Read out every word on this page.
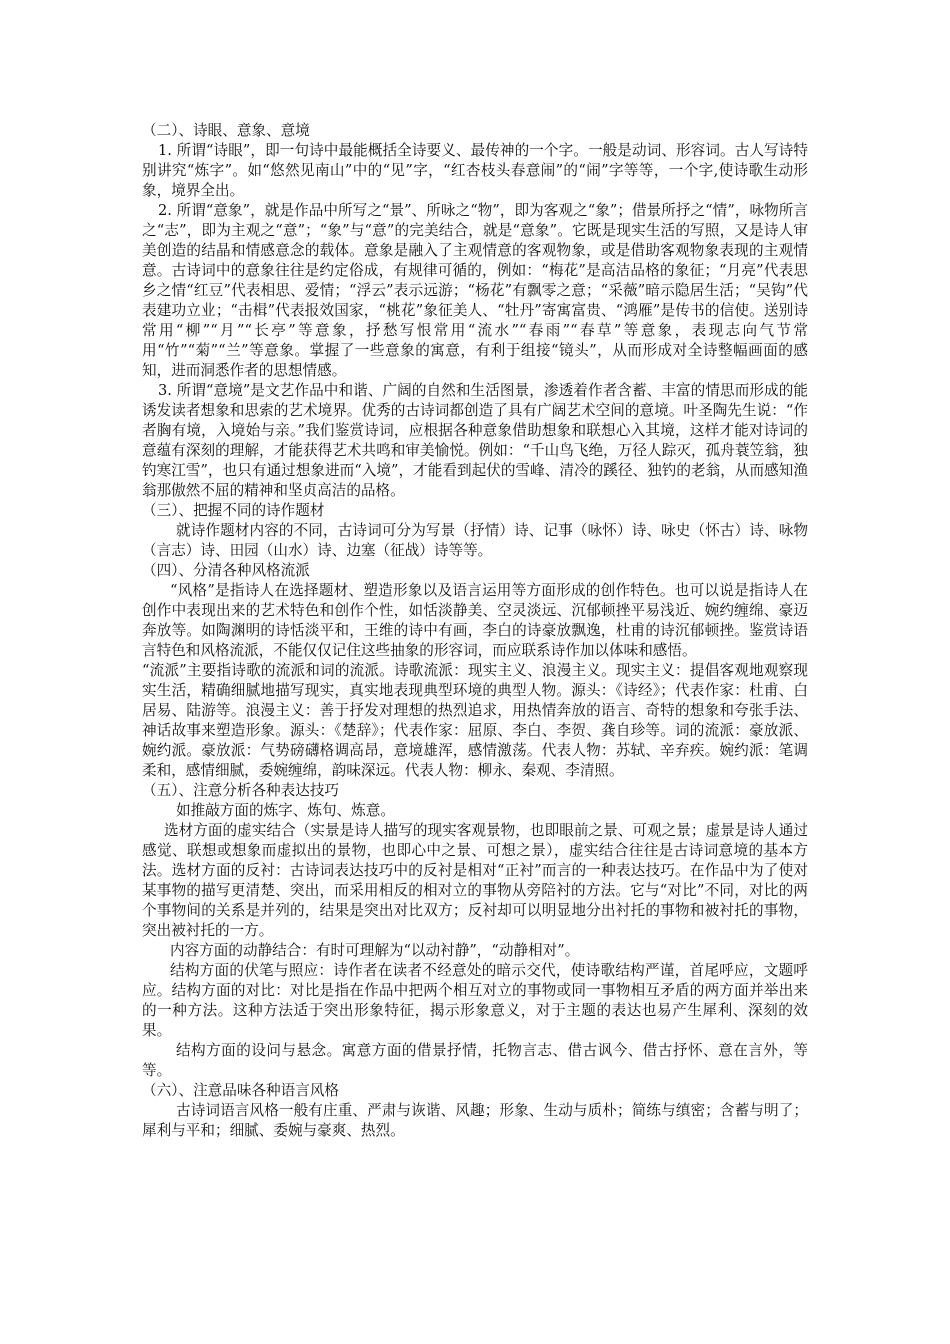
（二）、诗眼、意象、意境

1. 所谓“诗眼”，即一句诗中最能概括全诗要义、最传神的一个字。一般是动词、形容词。古人写诗特别讲究“炼字”。如“悠然见南山”中的“见”字，“红杏枝头春意闹”的“闹”字等等，一个字,使诗歌生动形象，境界全出。

2. 所谓“意象”，就是作品中所写之“景”、所咏之“物”，即为客观之“象”；借景所抒之“情”，咏物所言之“志”，即为主观之“意”；“象”与“意”的完美结合，就是“意象”。它既是现实生活的写照，又是诗人审美创造的结晶和情感意念的载体。意象是融入了主观情意的客观物象，或是借助客观物象表现的主观情意。古诗词中的意象往往是约定俗成，有规律可循的，例如：“梅花”是高洁品格的象征；“月亮”代表思乡之情“红豆”代表相思、爱情；“浮云”表示远游；“杨花”有飘零之意；“采薇”暗示隐居生活；“吴钩”代表建功立业；“击楫”代表报效国家，“桃花”象征美人、“牡丹”寄寓富贵、“鸿雁”是传书的信使。送别诗常用“柳”“月”“长亭”等意象，抒愁写恨常用“流水”“春雨”“春草”等意象，表现志向气节常用“竹”“菊”“兰”等意象。掌握了一些意象的寓意，有利于组接“镜头”，从而形成对全诗整幅画面的感知，进而洞悉作者的思想情感。

3. 所谓“意境”是文艺作品中和谐、广阔的自然和生活图景，渗透着作者含蓄、丰富的情思而形成的能诱发读者想象和思索的艺术境界。优秀的古诗词都创造了具有广阔艺术空间的意境。叶圣陶先生说：“作者胸有境，入境始与亲。”我们鉴赏诗词，应根据各种意象借助想象和联想心入其境，这样才能对诗词的意蕴有深刻的理解，才能获得艺术共鸣和审美愉悦。例如：“千山鸟飞绝，万径人踪灭，孤舟蓑笠翁，独钓寒江雪”，也只有通过想象进而“入境”，才能看到起伏的雪峰、清冷的蹊径、独钓的老翁，从而感知渔翁那傲然不屈的精神和坚贞高洁的品格。

（三）、把握不同的诗作题材

就诗作题材内容的不同，古诗词可分为写景（抒情）诗、记事（咏怀）诗、咏史（怀古）诗、咏物（言志）诗、田园（山水）诗、边塞（征战）诗等等。

（四）、分清各种风格流派

“风格”是指诗人在选择题材、塑造形象以及语言运用等方面形成的创作特色。也可以说是指诗人在创作中表现出来的艺术特色和创作个性，如恬淡静美、空灵淡远、沉郁顿挫平易浅近、婉约缠绵、豪迈奔放等。如陶渊明的诗恬淡平和，王维的诗中有画，李白的诗豪放飘逸，杜甫的诗沉郁顿挫。鉴赏诗语言特色和风格流派，不能仅仅记住这些抽象的形容词，而应联系诗作加以体味和感悟。

“流派”主要指诗歌的流派和词的流派。诗歌流派：现实主义、浪漫主义。现实主义：提倡客观地观察现实生活，精确细腻地描写现实，真实地表现典型环境的典型人物。源头：《诗经》；代表作家：杜甫、白居易、陆游等。浪漫主义：善于抒发对理想的热烈追求，用热情奔放的语言、奇特的想象和夸张手法、神话故事来塑造形象。源头：《楚辞》；代表作家：屈原、李白、李贺、龚自珍等。词的流派：豪放派、婉约派。豪放派：气势磅礴格调高昂，意境雄浑，感情激荡。代表人物：苏轼、辛弃疾。婉约派：笔调柔和，感情细腻，委婉缠绵，韵味深远。代表人物：柳永、秦观、李清照。

（五）、注意分析各种表达技巧

如推敲方面的炼字、炼句、炼意。

选材方面的虚实结合（实景是诗人描写的现实客观景物，也即眼前之景、可观之景；虚景是诗人通过感觉、联想或想象而虚拟出的景物，也即心中之景、可想之景），虚实结合往往是古诗词意境的基本方法。选材方面的反衬：古诗词表达技巧中的反衬是相对“正衬”而言的一种表达技巧。在作品中为了使对某事物的描写更清楚、突出，而采用相反的相对立的事物从旁陪衬的方法。它与“对比”不同，对比的两个事物间的关系是并列的，结果是突出对比双方；反衬却可以明显地分出衬托的事物和被衬托的事物，突出被衬托的一方。

内容方面的动静结合：有时可理解为“以动衬静”，“动静相对”。

结构方面的伏笔与照应：诗作者在读者不经意处的暗示交代，使诗歌结构严谨，首尾呼应，文题呼应。结构方面的对比：对比是指在作品中把两个相互对立的事物或同一事物相互矛盾的两方面并举出来的一种方法。这种方法适于突出形象特征，揭示形象意义，对于主题的表达也易产生犀利、深刻的效果。

结构方面的设问与悬念。寓意方面的借景抒情，托物言志、借古讽今、借古抒怀、意在言外，等等。

（六）、注意品味各种语言风格

古诗词语言风格一般有庄重、严肃与诙谐、风趣；形象、生动与质朴；简练与缜密；含蓄与明了；犀利与平和；细腻、委婉与豪爽、热烈。
